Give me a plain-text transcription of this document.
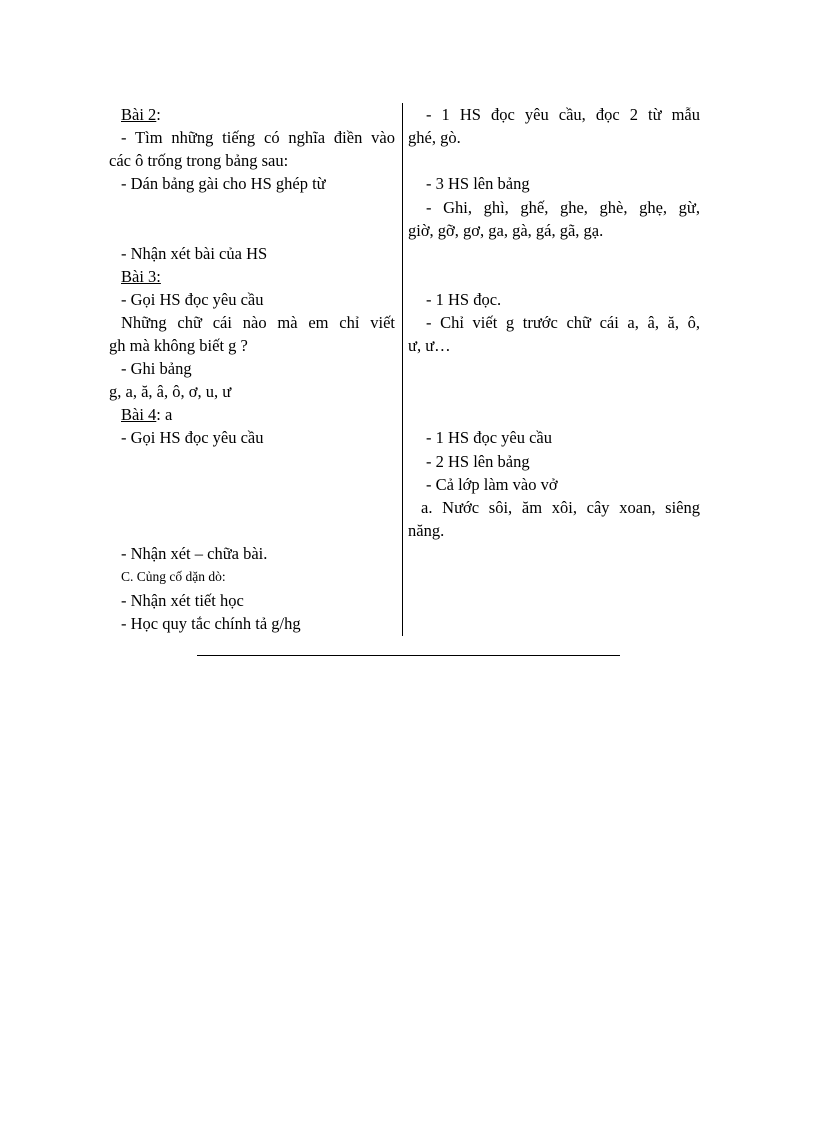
Bài 2:
- Tìm những tiếng có nghĩa điền vào
các ô trống trong bảng sau:
- Dán bảng gài cho HS ghép từ
- Nhận xét bài của HS
Bài 3:
- Gọi HS đọc yêu cầu
Những chữ cái nào mà em chỉ viết
gh mà không biết g ?
- Ghi bảng
g, a, ă, â, ô, ơ, u, ư
Bài 4: a
- Gọi HS đọc yêu cầu
- Nhận xét – chữa bài.
C. Củng cố dặn dò:
- Nhận xét tiết học
- Học quy tắc chính tả g/hg
- 1 HS đọc yêu cầu, đọc 2 từ mẫu
ghé, gò.
- 3 HS lên bảng
- Ghi, ghì, ghế, ghe, ghè, ghẹ, gừ,
giờ, gỡ, gơ, ga, gà, gá, gã, gạ.
- 1 HS đọc.
- Chỉ viết g trước chữ cái a, â, ă, ô,
ư, ư…
- 1 HS đọc yêu cầu
- 2 HS lên bảng
- Cả lớp làm vào vở
a. Nước sôi, ăm xôi, cây xoan, siêng
năng.
